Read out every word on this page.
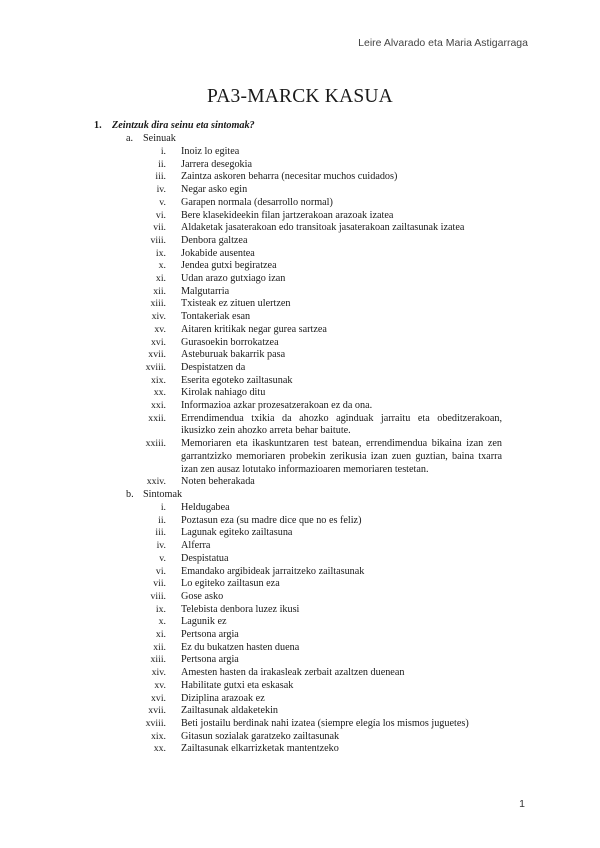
Leire Alvarado eta Maria Astigarraga
PA3-MARCK KASUA
1.	Zeintzuk dira seinu eta sintomak?
a. Seinuak
i. Inoiz lo egitea
ii. Jarrera desegokia
iii. Zaintza askoren beharra (necesitar muchos cuidados)
iv. Negar asko egin
v. Garapen normala (desarrollo normal)
vi. Bere klasekideekin filan jartzerakoan arazoak izatea
vii. Aldaketak jasaterakoan edo transitoak jasaterakoan zailtasunak izatea
viii. Denbora galtzea
ix. Jokabide ausentea
x. Jendea gutxi begiratzea
xi. Udan arazo gutxiago izan
xii. Malgutarria
xiii. Txisteak ez zituen ulertzen
xiv. Tontakeriak esan
xv. Aitaren kritikak negar gurea sartzea
xvi. Gurasoekin borrokatzea
xvii. Asteburuak bakarrik pasa
xviii. Despistatzen da
xix. Eserita egoteko zailtasunak
xx. Kirolak nahiago ditu
xxi. Informazioa azkar prozesatzerakoan ez da ona.
xxii. Errendimendua txikia da ahozko aginduak jarraitu eta obeditzerakoan, ikusizko zein ahozko arreta behar baitute.
xxiii. Memoriaren eta ikaskuntzaren test batean, errendimendua bikaina izan zen garrantzizko memoriaren probekin zerikusia izan zuen guztian, baina txarra izan zen ausaz lotutako informazioaren memoriaren testetan.
xxiv. Noten beherakada
b. Sintomak
i. Heldugabea
ii. Poztasun eza (su madre dice que no es feliz)
iii. Lagunak egiteko zailtasuna
iv. Alferra
v. Despistatua
vi. Emandako argibideak jarraitzeko zailtasunak
vii. Lo egiteko zailtasun eza
viii. Gose asko
ix. Telebista denbora luzez ikusi
x. Lagunik ez
xi. Pertsona argia
xii. Ez du bukatzen hasten duena
xiii. Pertsona argia
xiv. Amesten hasten da irakasleak zerbait azaltzen duenean
xv. Habilitate gutxi eta eskasak
xvi. Diziplina arazoak ez
xvii. Zailtasunak aldaketekin
xviii. Beti jostailu berdinak nahi izatea (siempre elegía los mismos juguetes)
xix. Gitasun sozialak garatzeko zailtasunak
xx. Zailtasunak elkarrizketak mantentzeko
1
